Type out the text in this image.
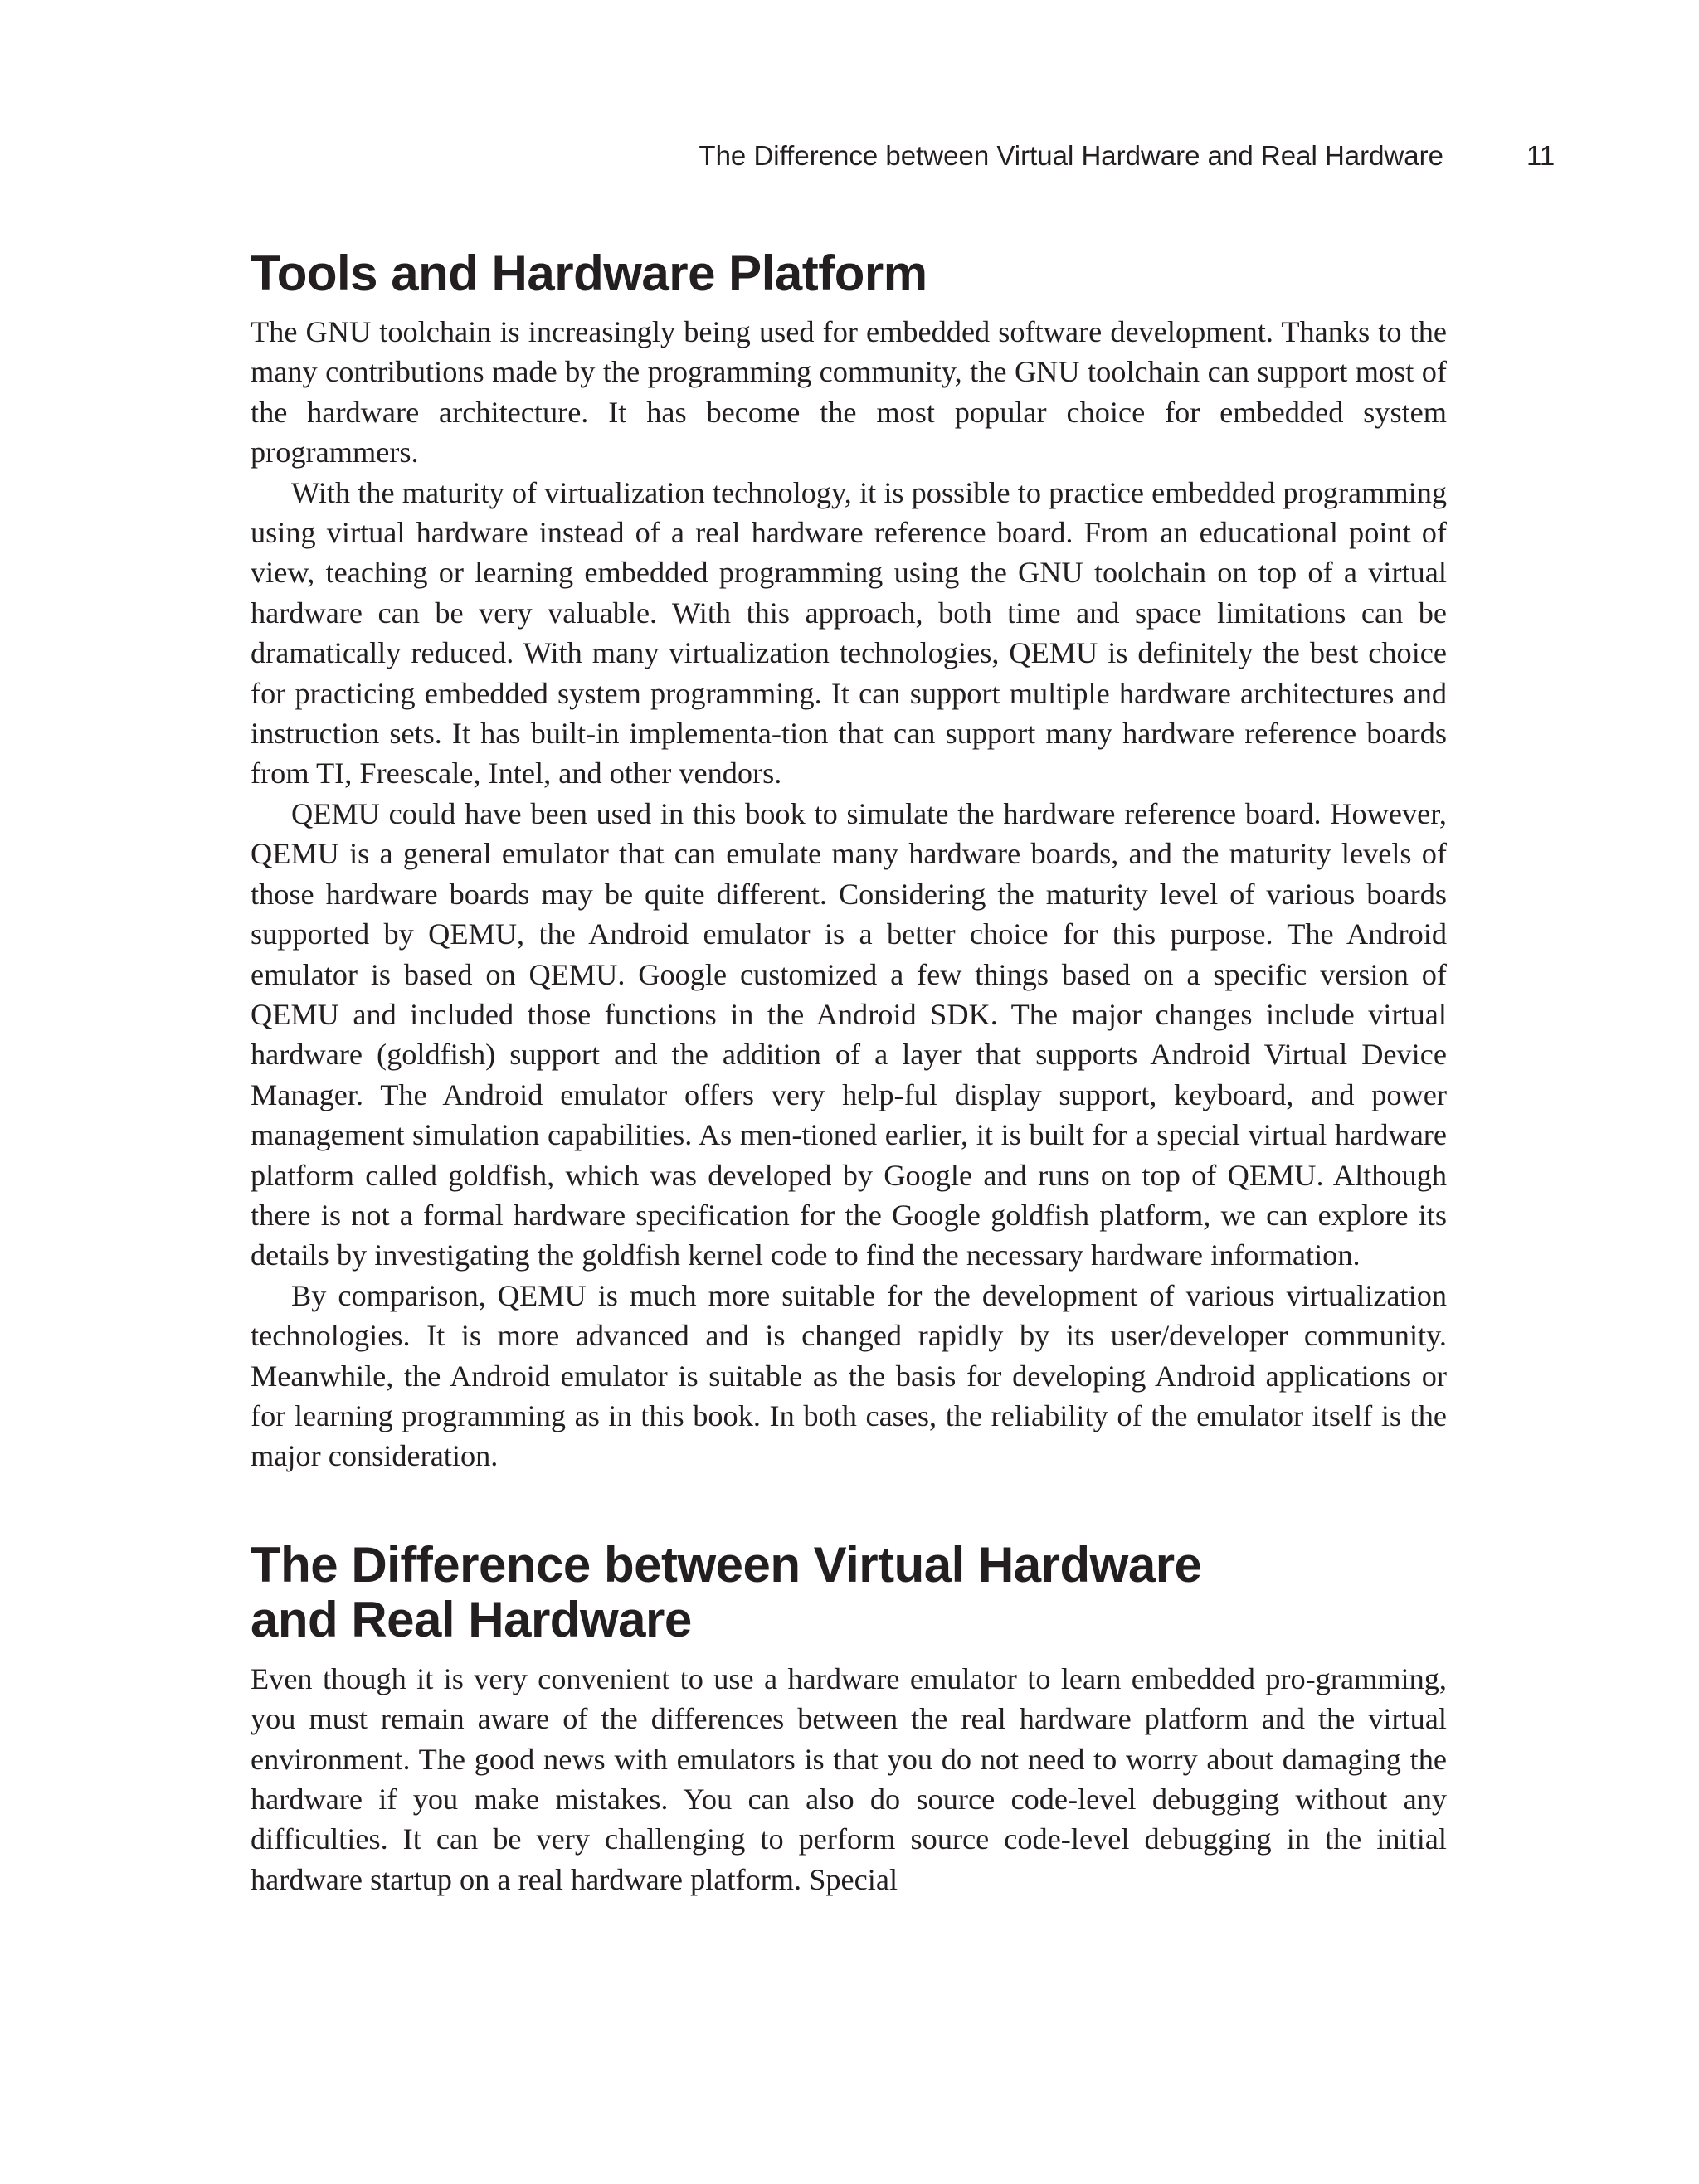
The Difference between Virtual Hardware and Real Hardware	11
Tools and Hardware Platform

The GNU toolchain is increasingly being used for embedded software development. Thanks to the many contributions made by the programming community, the GNU toolchain can support most of the hardware architecture. It has become the most popular choice for embedded system programmers.

With the maturity of virtualization technology, it is possible to practice embedded programming using virtual hardware instead of a real hardware reference board. From an educational point of view, teaching or learning embedded programming using the GNU toolchain on top of a virtual hardware can be very valuable. With this approach, both time and space limitations can be dramatically reduced. With many virtualization technologies, QEMU is definitely the best choice for practicing embedded system programming. It can support multiple hardware architectures and instruction sets. It has built-in implementa-tion that can support many hardware reference boards from TI, Freescale, Intel, and other vendors.

QEMU could have been used in this book to simulate the hardware reference board. However, QEMU is a general emulator that can emulate many hardware boards, and the maturity levels of those hardware boards may be quite different. Considering the maturity level of various boards supported by QEMU, the Android emulator is a better choice for this purpose. The Android emulator is based on QEMU. Google customized a few things based on a specific version of QEMU and included those functions in the Android SDK. The major changes include virtual hardware (goldfish) support and the addition of a layer that supports Android Virtual Device Manager. The Android emulator offers very help-ful display support, keyboard, and power management simulation capabilities. As men-tioned earlier, it is built for a special virtual hardware platform called goldfish, which was developed by Google and runs on top of QEMU. Although there is not a formal hardware specification for the Google goldfish platform, we can explore its details by investigating the goldfish kernel code to find the necessary hardware information.

By comparison, QEMU is much more suitable for the development of various virtualization technologies. It is more advanced and is changed rapidly by its user/​developer community. Meanwhile, the Android emulator is suitable as the basis for developing Android applications or for learning programming as in this book. In both cases, the reliability of the emulator itself is the major consideration.

The Difference between Virtual Hardware
and Real Hardware

Even though it is very convenient to use a hardware emulator to learn embedded pro-gramming, you must remain aware of the differences between the real hardware platform and the virtual environment. The good news with emulators is that you do not need to worry about damaging the hardware if you make mistakes. You can also do source code-level debugging without any difficulties. It can be very challenging to perform source code-level debugging in the initial hardware startup on a real hardware platform. Special
